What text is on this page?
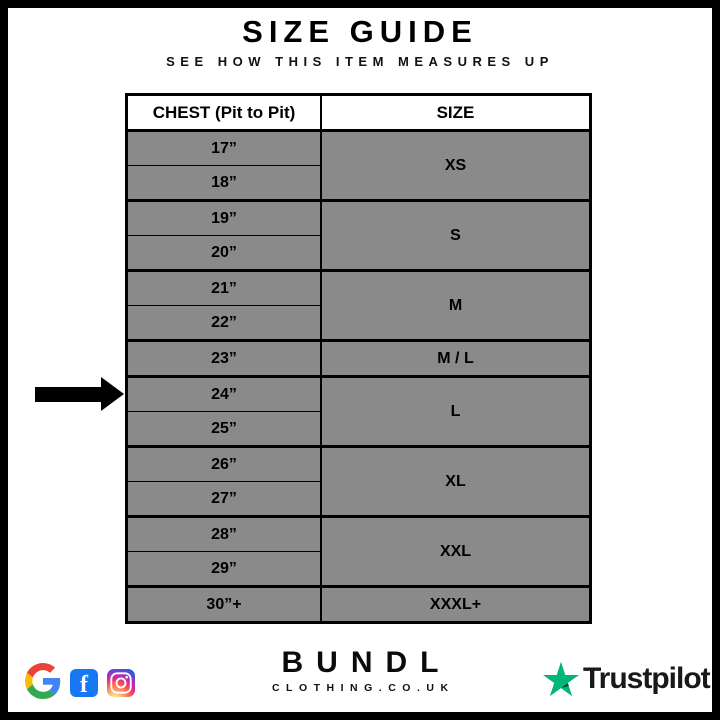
SIZE GUIDE

SEE HOW THIS ITEM MEASURES UP

CHEST (Pit to Pit)	SIZE
17”	XS
18”	
19”	S
20”	
21”	M
22”	
23”	M / L
24”	L
25”	
26”	XL
27”	
28”	XXL
29”	
30”+	XXXL+
f
BUNDL
CLOTHING.CO.UK	Trustpilot
